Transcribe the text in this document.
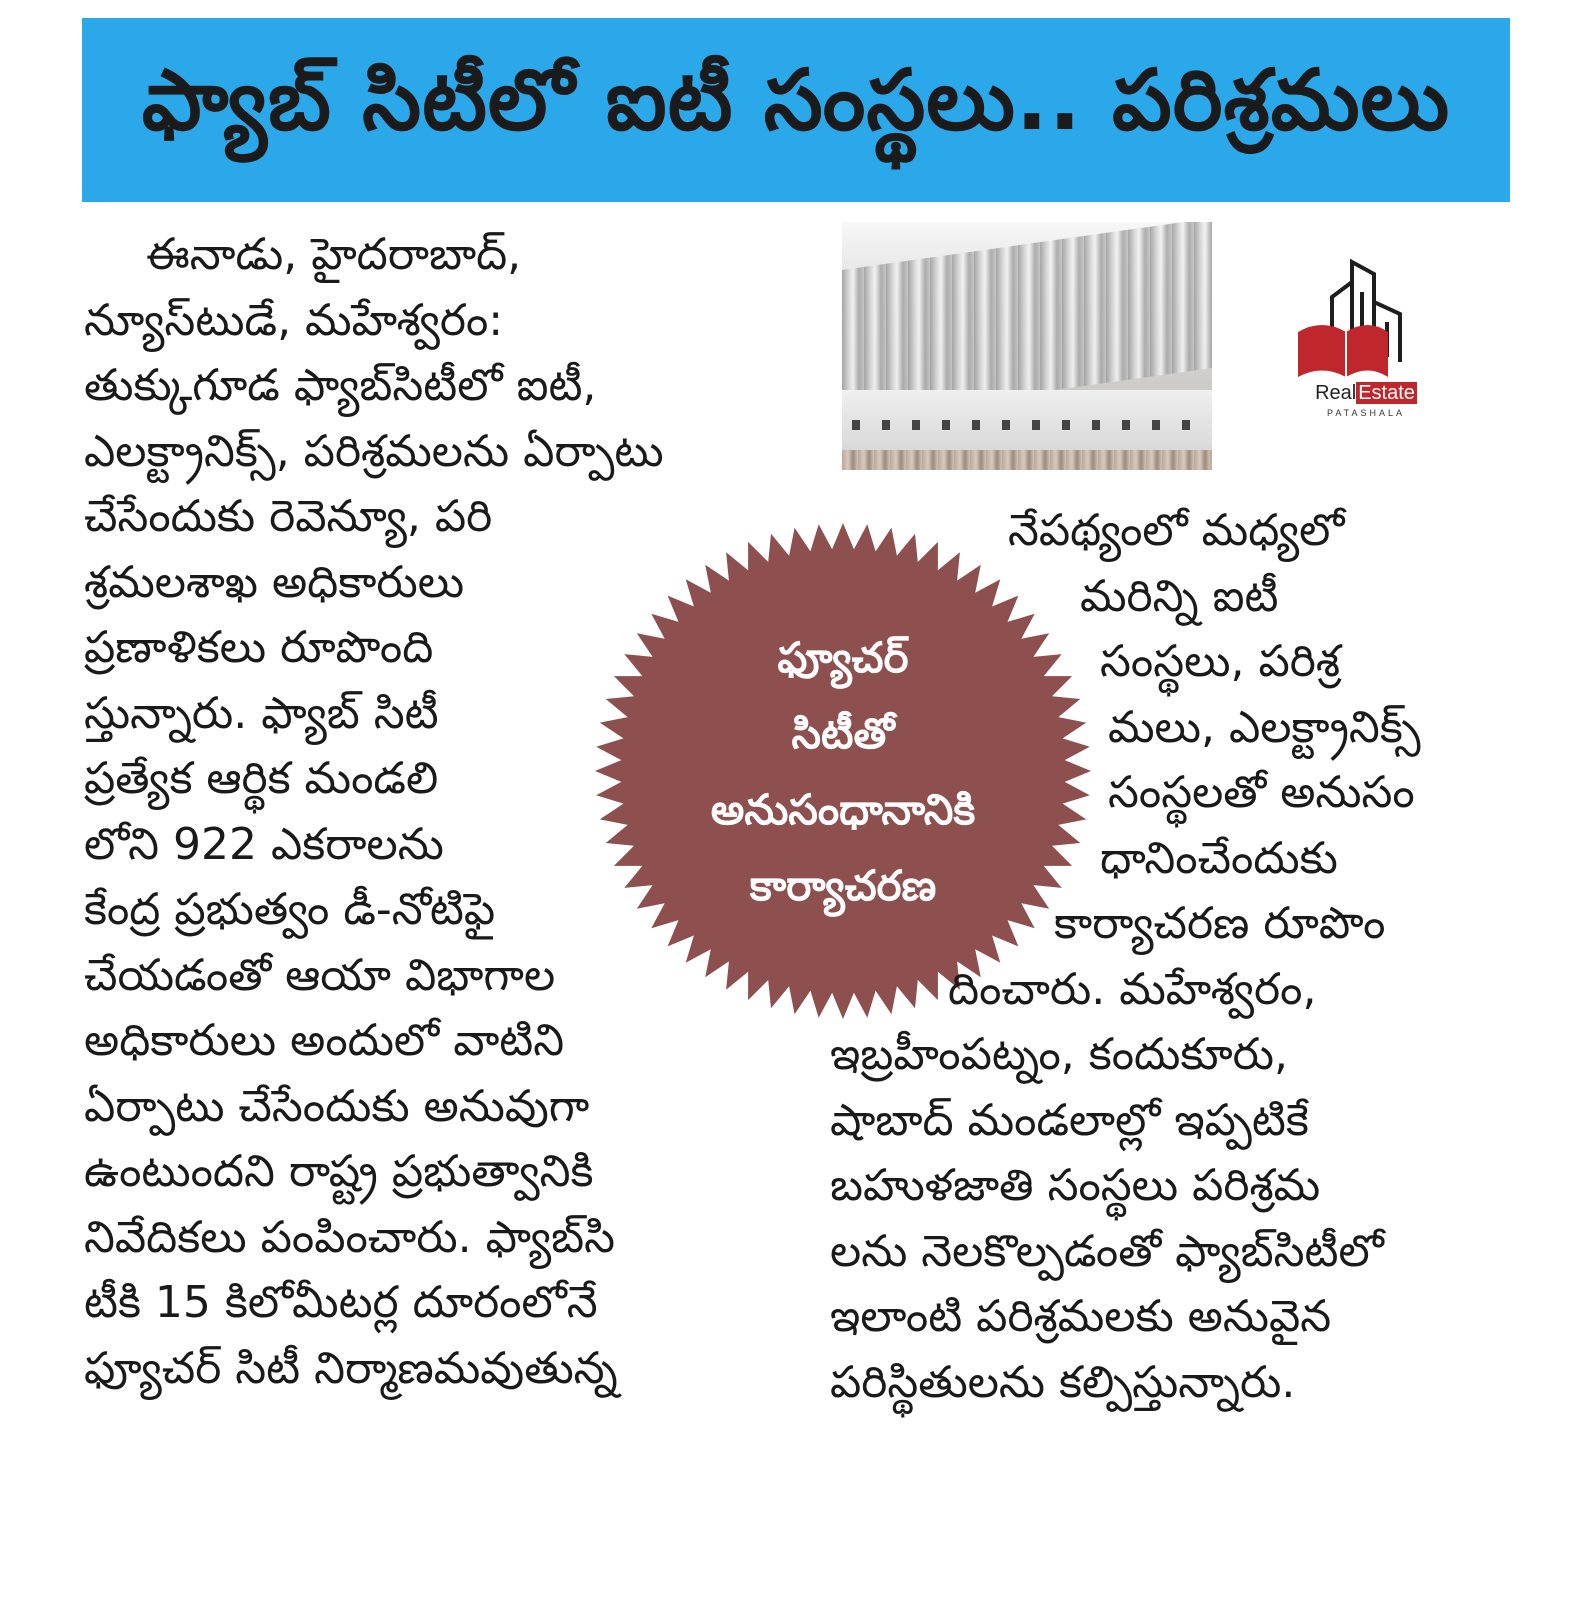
ఫ్యాబ్ సిటీలో ఐటీ సంస్థలు.. పరిశ్రమలు
ఈనాడు, హైదరాబాద్,
న్యూస్‌టుడే, మహేశ్వరం:
తుక్కుగూడ ఫ్యాబ్‌సిటీలో ఐటీ,
ఎలక్ట్రానిక్స్, పరిశ్రమలను ఏర్పాటు
చేసేందుకు రెవెన్యూ, పరి
శ్రమలశాఖ అధికారులు
ప్రణాళికలు రూపొంది
స్తున్నారు. ఫ్యాబ్ సిటీ
ప్రత్యేక ఆర్థిక మండలి
లోని 922 ఎకరాలను
కేంద్ర ప్రభుత్వం డీ-నోటిఫై
చేయడంతో ఆయా విభాగాల
అధికారులు అందులో వాటిని
ఏర్పాటు చేసేందుకు అనువుగా
ఉంటుందని రాష్ట్ర ప్రభుత్వానికి
నివేదికలు పంపించారు. ఫ్యాబ్‌సి
టీకి 15 కిలోమీటర్ల దూరంలోనే
ఫ్యూచర్ సిటీ నిర్మాణమవుతున్న
Real Estate
PATASHALA
ఫ్యూచర్
సిటీతో
అనుసంధానానికి
కార్యాచరణ
నేపథ్యంలో మధ్యలో
మరిన్ని ఐటీ
సంస్థలు, పరిశ్ర
మలు, ఎలక్ట్రానిక్స్
సంస్థలతో అనుసం
ధానించేందుకు
కార్యాచరణ రూపొం
దించారు. మహేశ్వరం,
ఇబ్రహీంపట్నం, కందుకూరు,
షాబాద్ మండలాల్లో ఇప్పటికే
బహుళజాతి సంస్థలు పరిశ్రమ
లను నెలకొల్పడంతో ఫ్యాబ్‌సిటీలో
ఇలాంటి పరిశ్రమలకు అనువైన
పరిస్థితులను కల్పిస్తున్నారు.
